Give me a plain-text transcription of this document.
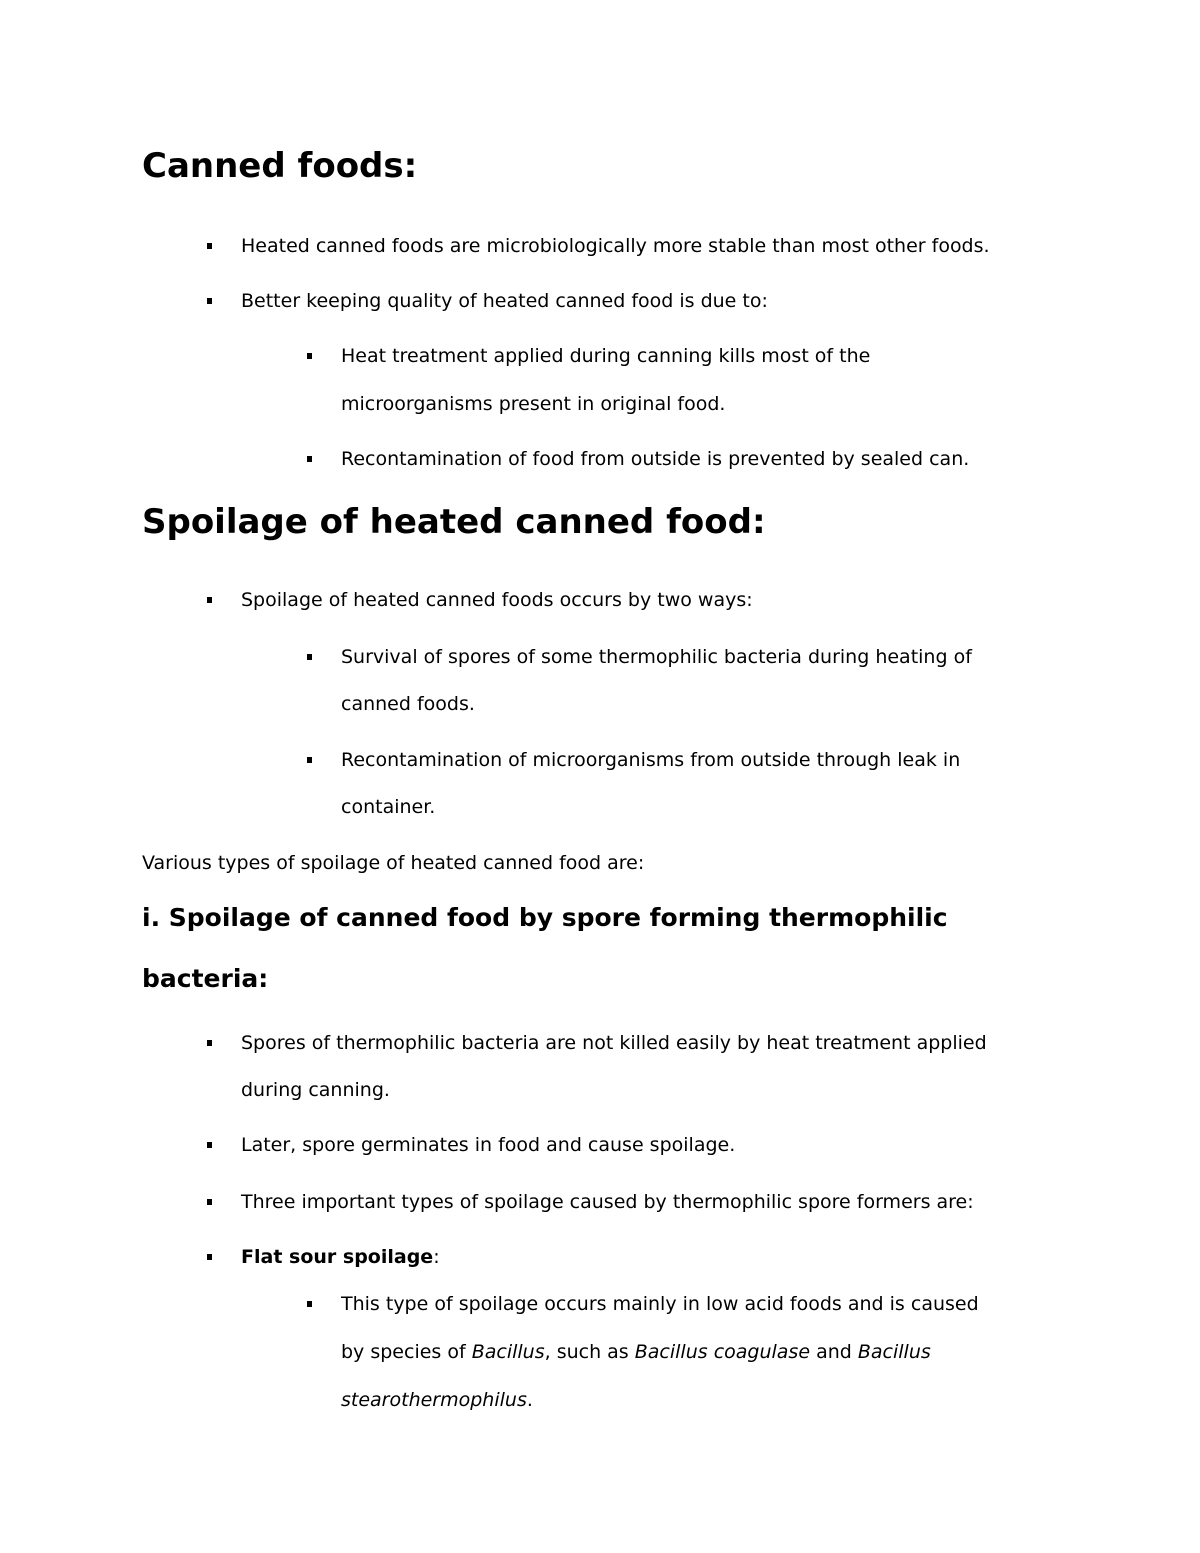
Canned foods:

Heated canned foods are microbiologically more stable than most other foods.

Better keeping quality of heated canned food is due to:

Heat treatment applied during canning kills most of the

microorganisms present in original food.

Recontamination of food from outside is prevented by sealed can.

Spoilage of heated canned food:

Spoilage of heated canned foods occurs by two ways:

Survival of spores of some thermophilic bacteria during heating of

canned foods.

Recontamination of microorganisms from outside through leak in

container.

Various types of spoilage of heated canned food are:

i. Spoilage of canned food by spore forming thermophilic
bacteria:

Spores of thermophilic bacteria are not killed easily by heat treatment applied

during canning.

Later, spore germinates in food and cause spoilage.

Three important types of spoilage caused by thermophilic spore formers are:

Flat sour spoilage:

This type of spoilage occurs mainly in low acid foods and is caused

by species of Bacillus, such as Bacillus coagulase and Bacillus

stearothermophilus.
